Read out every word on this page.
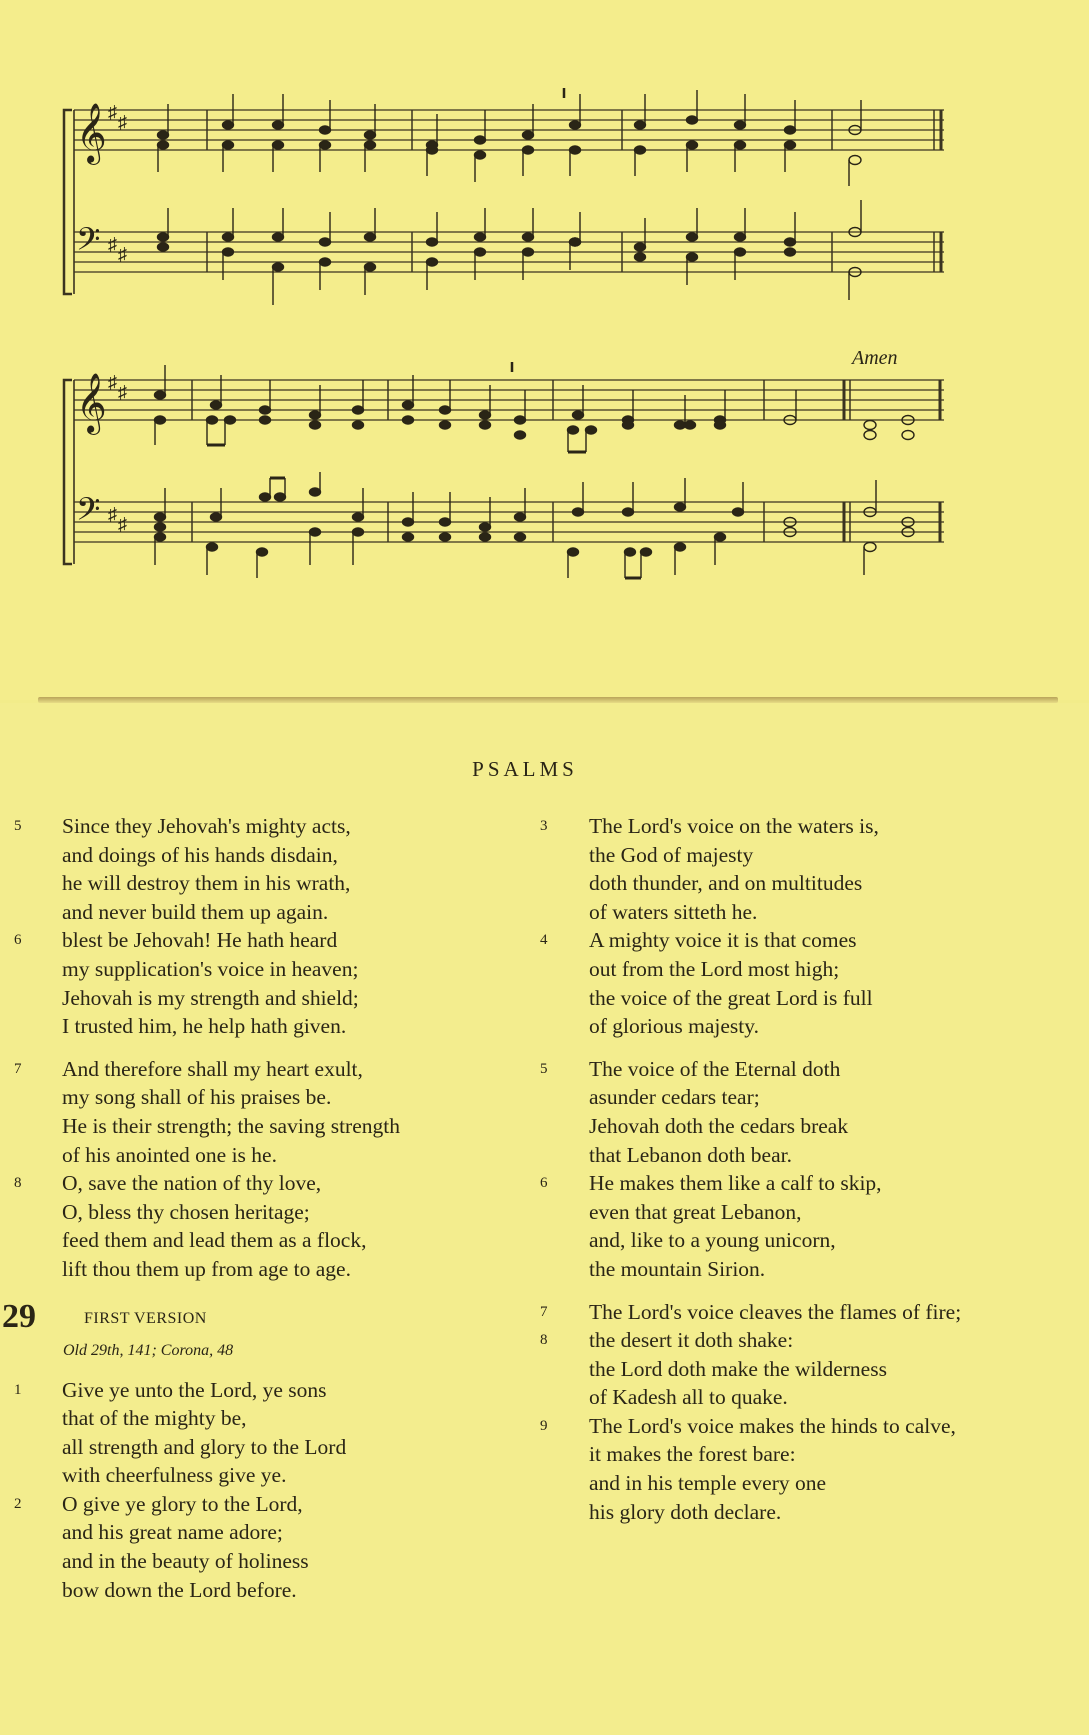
𝄞
𝄢
𝄞
𝄢
♯ ♯
♯ ♯
♯ ♯
♯ ♯
Amen
PSALMS
5	Since they Jehovah's mighty acts,
and doings of his hands disdain,
he will destroy them in his wrath,
and never build them up again.
6	blest be Jehovah! He hath heard
my supplication's voice in heaven;
Jehovah is my strength and shield;
I trusted him, he help hath given.
7	And therefore shall my heart exult,
my song shall of his praises be.
He is their strength; the saving strength
of his anointed one is he.
8	O, save the nation of thy love,
O, bless thy chosen heritage;
feed them and lead them as a flock,
lift thou them up from age to age.
29	FIRST VERSION
Old 29th, 141; Corona, 48
1	Give ye unto the Lord, ye sons
that of the mighty be,
all strength and glory to the Lord
with cheerfulness give ye.
2	O give ye glory to the Lord,
and his great name adore;
and in the beauty of holiness
bow down the Lord before.
3	The Lord's voice on the waters is,
the God of majesty
doth thunder, and on multitudes
of waters sitteth he.
4	A mighty voice it is that comes
out from the Lord most high;
the voice of the great Lord is full
of glorious majesty.
5	The voice of the Eternal doth
asunder cedars tear;
Jehovah doth the cedars break
that Lebanon doth bear.
6	He makes them like a calf to skip,
even that great Lebanon,
and, like to a young unicorn,
the mountain Sirion.
7	The Lord's voice cleaves the flames of fire;
8	the desert it doth shake:
the Lord doth make the wilderness
of Kadesh all to quake.
9	The Lord's voice makes the hinds to calve,
it makes the forest bare:
and in his temple every one
his glory doth declare.
